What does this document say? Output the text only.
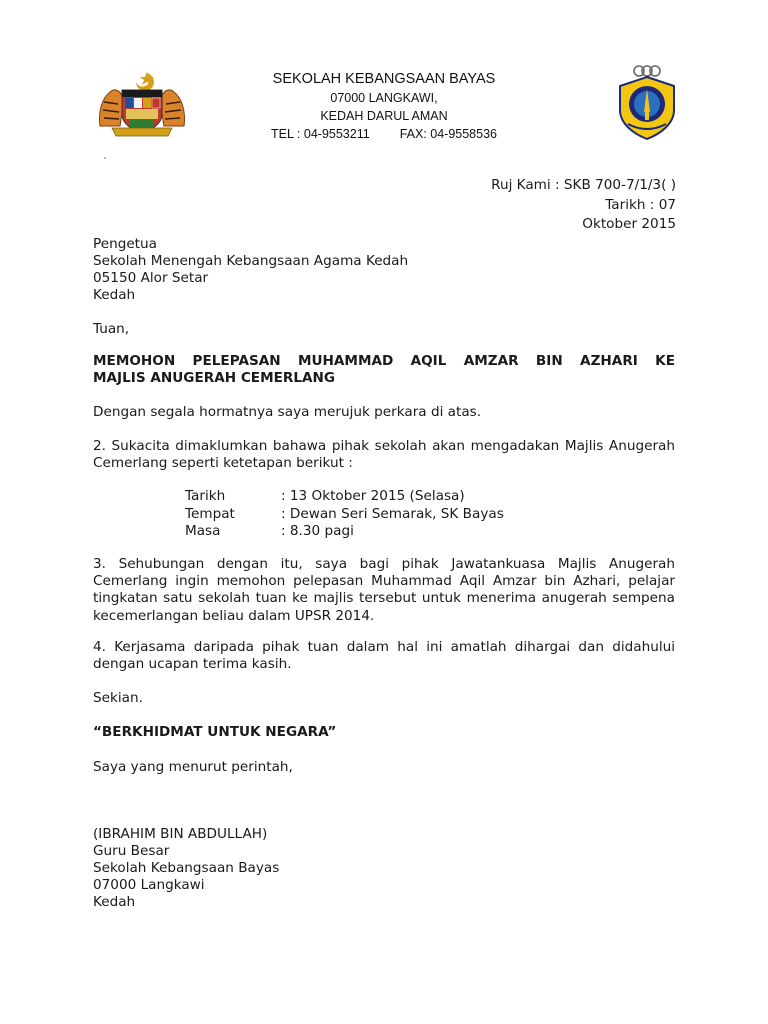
SEKOLAH KEBANGSAAN BAYAS
07000 LANGKAWI,
KEDAH DARUL AMAN
TEL : 04-9553211 FAX: 04-9558536
Ruj Kami : SKB 700-7/1/3( )
Tarikh : 07
Oktober 2015
Pengetua
Sekolah Menengah Kebangsaan Agama Kedah
05150 Alor Setar
Kedah
Tuan,
MEMOHON PELEPASAN MUHAMMAD AQIL AMZAR BIN AZHARI KE
MAJLIS ANUGERAH CEMERLANG
Dengan segala hormatnya saya merujuk perkara di atas.
2. Sukacita dimaklumkan bahawa pihak sekolah akan mengadakan Majlis Anugerah Cemerlang seperti ketetapan berikut :
Tarikh	: 13 Oktober 2015 (Selasa)
Tempat	: Dewan Seri Semarak, SK Bayas
Masa	: 8.30 pagi
3. Sehubungan dengan itu, saya bagi pihak Jawatankuasa Majlis Anugerah Cemerlang ingin memohon pelepasan Muhammad Aqil Amzar bin Azhari, pelajar tingkatan satu sekolah tuan ke majlis tersebut untuk menerima anugerah sempena kecemerlangan beliau dalam UPSR 2014.
4. Kerjasama daripada pihak tuan dalam hal ini amatlah dihargai dan didahului dengan ucapan terima kasih.
Sekian.
“BERKHIDMAT UNTUK NEGARA”
Saya yang menurut perintah,
(IBRAHIM BIN ABDULLAH)
Guru Besar
Sekolah Kebangsaan Bayas
07000 Langkawi
Kedah
